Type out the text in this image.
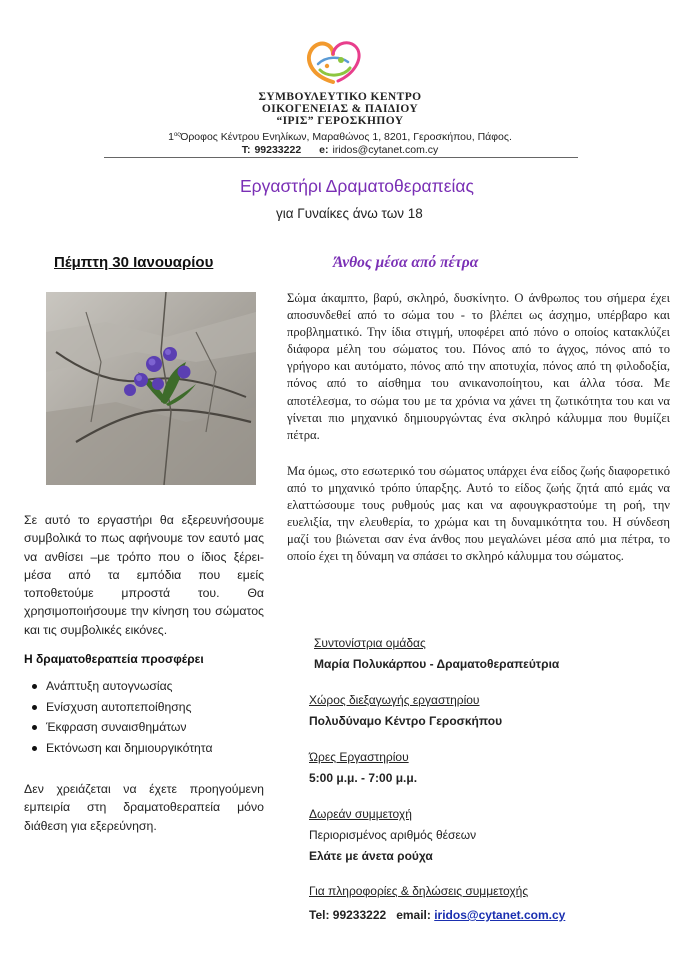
ΣΥΜΒΟΥΛΕΥΤΙΚΟ ΚΕΝΤΡΟ
ΟΙΚΟΓΕΝΕΙΑΣ & ΠΑΙΔΙΟΥ
“ΙΡΙΣ” ΓΕΡΟΣΚΗΠΟΥ
$1^{o\varsigma}Ό\rho o\varphi o\varsigma$ Κέντρου Ενηλίκων, Μαραθώνος 1, 8201, Γεροσκήπου, Πάφος.
T: 99233222 e: iridos@cytanet.com.cy
Εργαστήρι Δραματοθεραπείας
για Γυναίκες άνω των 18
Πέμπτη 30 Ιανουαρίου
Σε αυτό το εργαστήρι θα εξερευνήσουμε συμβολικά το πως αφήνουμε τον εαυτό μας να ανθίσει –με τρόπο που ο ίδιος ξέρει- μέσα από τα εμπόδια που εμείς τοποθετούμε μπροστά του. Θα χρησιμοποιήσουμε την κίνηση του σώματος και τις συμβολικές εικόνες.
Η δραματοθεραπεία προσφέρει
Ανάπτυξη αυτογνωσίας
Ενίσχυση αυτοπεποίθησης
Έκφραση συναισθημάτων
Εκτόνωση και δημιουργικότητα
Δεν χρειάζεται να έχετε προηγούμενη εμπειρία στη δραματοθεραπεία μόνο διάθεση για εξερεύνηση.
Άνθος μέσα από πέτρα
Σώμα άκαμπτο, βαρύ, σκληρό, δυσκίνητο. Ο άνθρωπος του σήμερα έχει αποσυνδεθεί από το σώμα του - το βλέπει ως άσχημο, υπέρβαρο και προβληματικό. Την ίδια στιγμή, υποφέρει από πόνο ο οποίος κατακλύζει διάφορα μέλη του σώματος του. Πόνος από το άγχος, πόνος από το γρήγορο και αυτόματο, πόνος από την αποτυχία, πόνος από τη φιλοδοξία, πόνος από το αίσθημα του ανικανοποίητου, και άλλα τόσα. Με αποτέλεσμα, το σώμα του με τα χρόνια να χάνει τη ζωτικότητα του και να γίνεται πιο μηχανικό δημιουργώντας ένα σκληρό κάλυμμα που θυμίζει πέτρα.
Μα όμως, στο εσωτερικό του σώματος υπάρχει ένα είδος ζωής διαφορετικό από το μηχανικό τρόπο ύπαρξης. Αυτό το είδος ζωής ζητά από εμάς να ελαττώσουμε τους ρυθμούς μας και να αφουγκραστούμε τη ροή, την ευελιξία, την ελευθερία, το χρώμα και τη δυναμικότητα του. Η σύνδεση μαζί του βιώνεται σαν ένα άνθος που μεγαλώνει μέσα από μια πέτρα, το οποίο έχει τη δύναμη να σπάσει το σκληρό κάλυμμα του σώματος.
Συντονίστρια ομάδας
Μαρία Πολυκάρπου - Δραματοθεραπεύτρια
Χώρος διεξαγωγής εργαστηρίου
Πολυδύναμο Κέντρο Γεροσκήπου
Ώρες Εργαστηρίου
5:00 μ.μ. - 7:00 μ.μ.
Δωρεάν συμμετοχή
Περιορισμένος αριθμός θέσεων
Ελάτε με άνετα ρούχα
Για πληροφορίες & δηλώσεις συμμετοχής
Tel: 99233222 email: iridos@cytanet.com.cy
